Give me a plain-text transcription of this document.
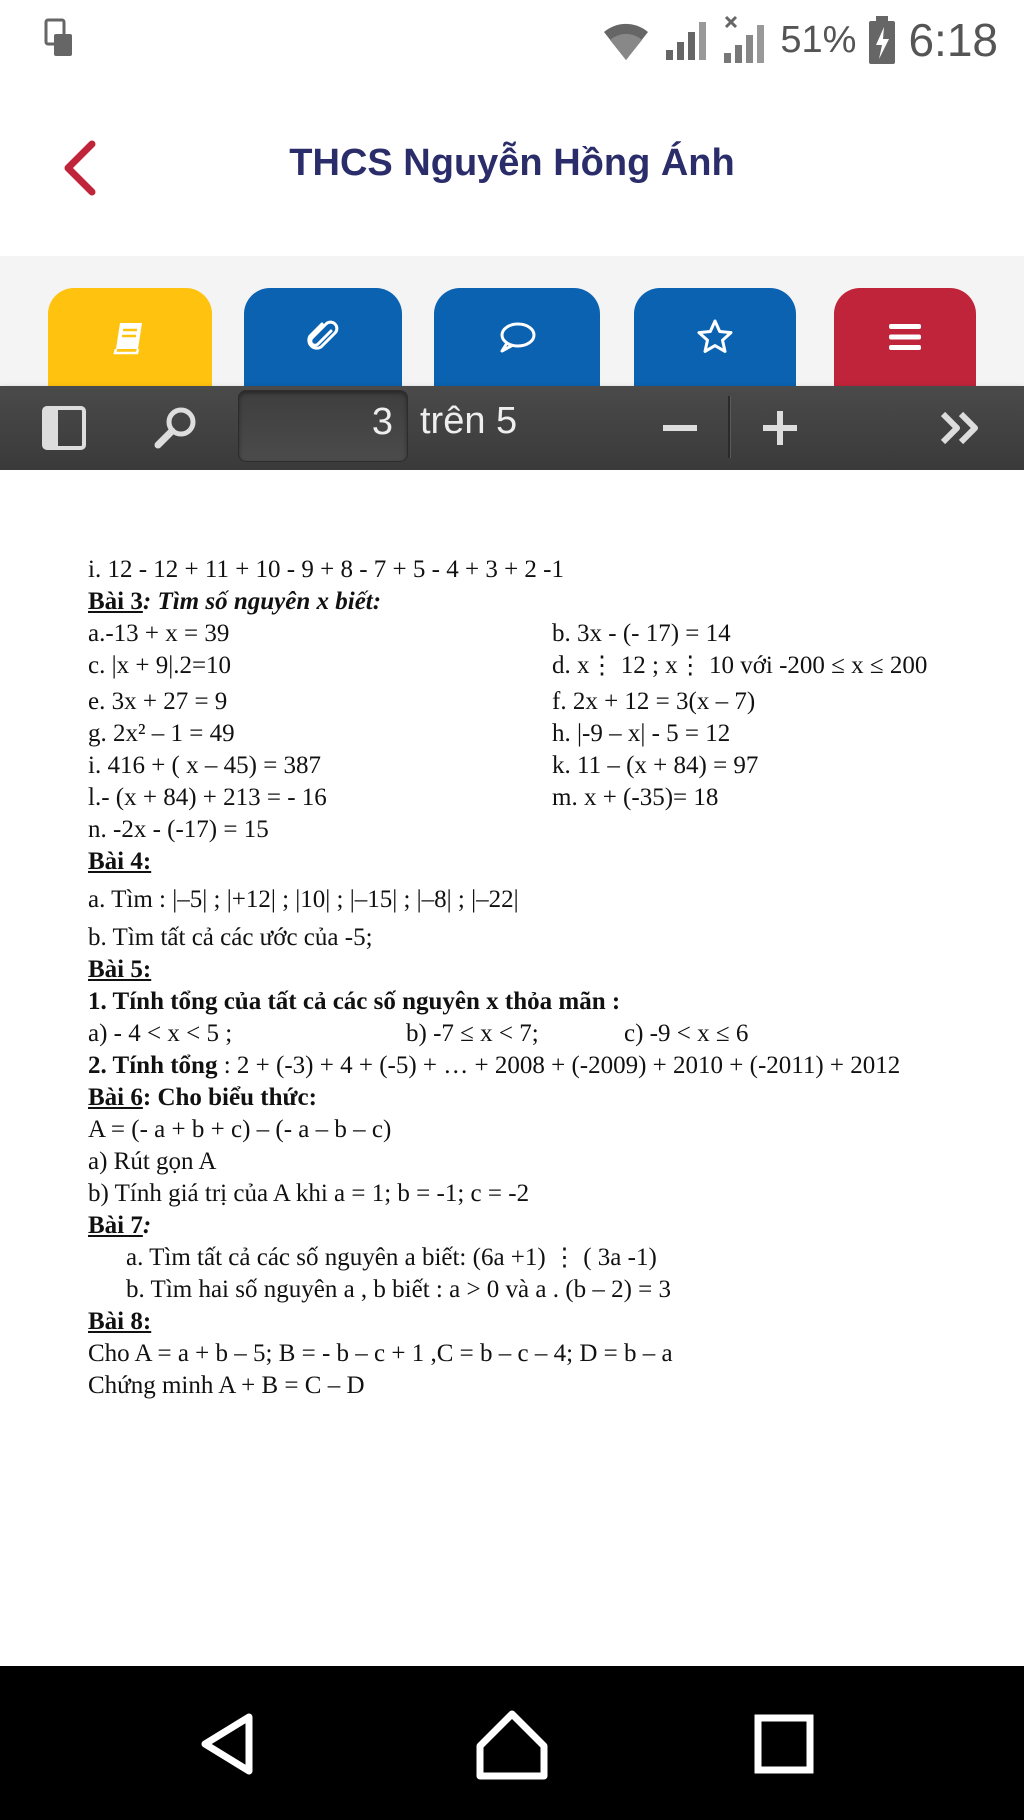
51% 6:18
THCS Nguyễn Hồng Ánh
3 trên 5
i. 12 - 12 + 11 + 10 - 9 + 8 - 7 + 5 - 4 + 3 + 2 -1
Bài 3: Tìm số nguyên x biết:
a.-13 + x = 39	b. 3x - (- 17) = 14
c. |x + 9|.2=10	d. x⋮ 12 ; x⋮ 10 với -200 ≤ x ≤ 200
e. 3x + 27 = 9	f. 2x + 12 = 3(x – 7)
g. 2x² – 1 = 49	h. |-9 – x| - 5 = 12
i. 416 + ( x – 45) = 387	k. 11 – (x + 84) = 97
l.- (x + 84) + 213 = - 16	m. x + (-35)= 18
n. -2x - (-17) = 15
Bài 4:
a. Tìm : |–5| ; |+12| ; |10| ; |–15| ; |–8| ; |–22|
b. Tìm tất cả các ước của -5;
Bài 5:
1. Tính tổng của tất cả các số nguyên x thỏa mãn :
a) - 4 < x < 5 ;	b) -7 ≤ x < 7;	c) -9 < x ≤ 6
2. Tính tổng : 2 + (-3) + 4 + (-5) + … + 2008 + (-2009) + 2010 + (-2011) + 2012
Bài 6: Cho biểu thức:
A = (- a + b + c) – (- a – b – c)
a) Rút gọn A
b) Tính giá trị của A khi a = 1; b = -1; c = -2
Bài 7:
a. Tìm tất cả các số nguyên a biết: (6a +1) ⋮ ( 3a -1)
b. Tìm hai số nguyên a , b biết : a > 0 và a . (b – 2) = 3
Bài 8:
Cho A = a + b – 5; B = - b – c + 1 ,C = b – c – 4; D = b – a
Chứng minh A + B = C – D
